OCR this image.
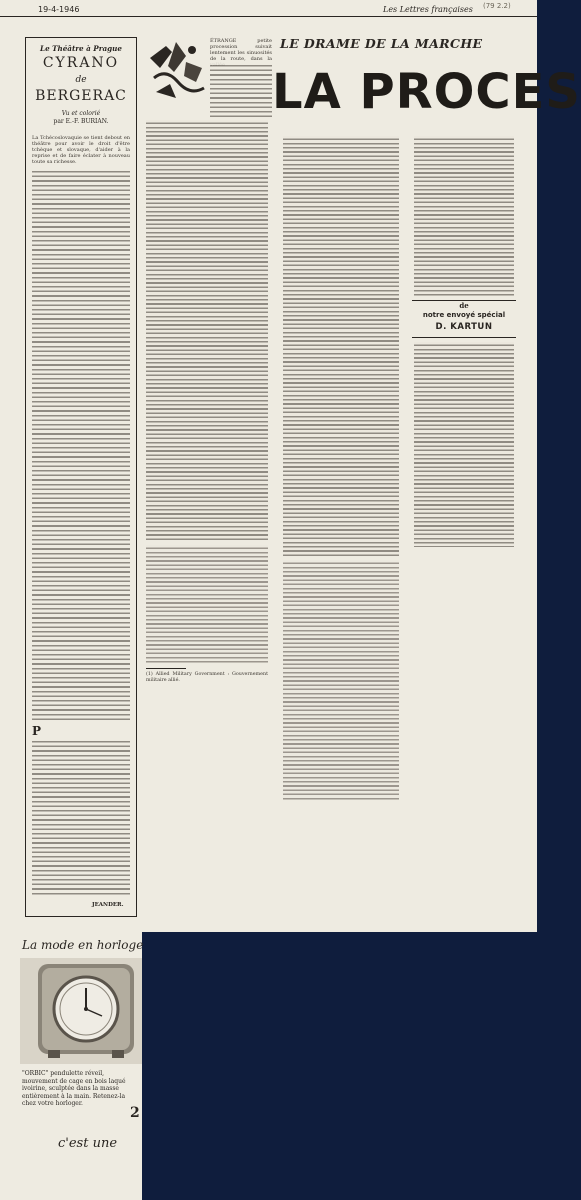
19-4-1946	Les Lettres françaises (79 2.2)
Le Théâtre à Prague
CYRANO
de
BERGERAC
Vu et colorié
par E.-F. BURIAN.
La Tchécoslovaquie se tient debout en théâtre pour avoir le droit d'être tchèque et slovaque, d'aider à la reprise et de faire éclater à nouveau toute sa richesse.
P
JEANDER.
ÉTRANGE petite procession suivait lentement les sinuosités de la route, dans la
LE DRAME DE LA MARCHE
LA PROCES
de
notre envoyé spécial
D. KARTUN
(1) Allied Military Government : Gouvernement militaire allié.
La mode en horloge
"ORBIC" pendulette réveil, mouvement de cage en bois laqué ivoirine, sculptée dans la masse entièrement à la main. Retenez-la chez votre horloger.
2
c'est une
